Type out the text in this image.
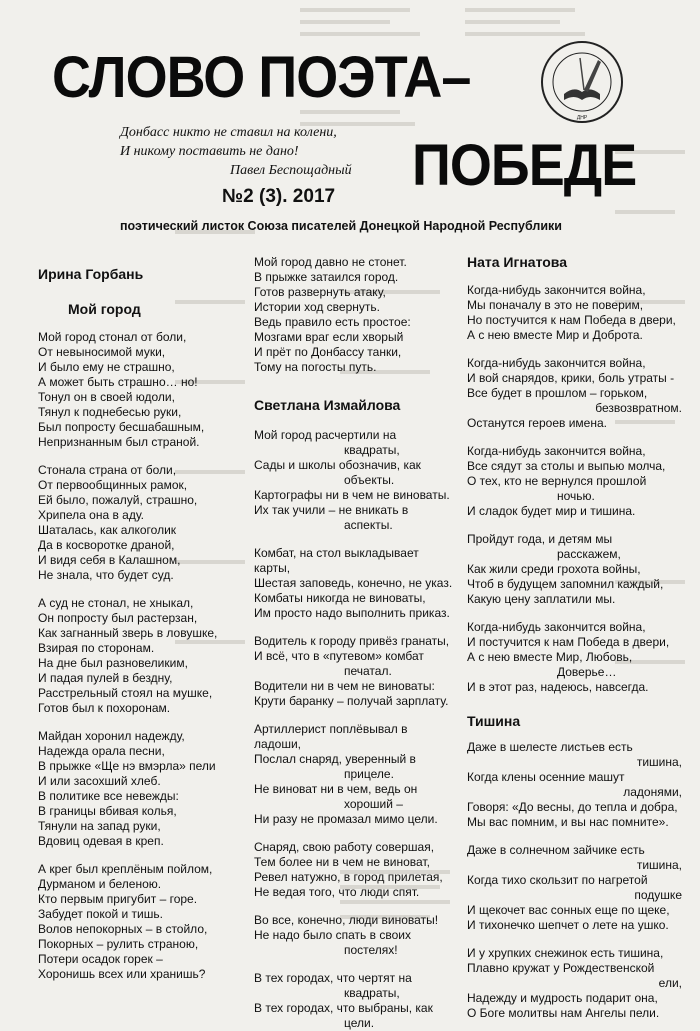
СЛОВО ПОЭТА–
ДНР
Донбасс никто не ставил на колени,
И никому поставить не дано!
Павел Беспощадный ПОБЕДЕ
№2 (3). 2017
поэтический листок Союза писателей Донецкой Народной Республики

Ирина Горбань

Мой город

Мой город стонал от боли,

От невыносимой муки,

И было ему не страшно,

А может быть страшно… но!

Тонул он в своей юдоли,

Тянул к поднебесью руки,

Был попросту бесшабашным,

Непризнанным был страной.

Стонала страна от боли,

От первообщинных рамок,

Ей было, пожалуй, страшно,

Хрипела она в аду.

Шаталась, как алкоголик

Да в косворотке драной,

И видя себя в Калашном,

Не знала, что будет суд.

А суд не стонал, не хныкал,

Он попросту был растерзан,

Как загнанный зверь в ловушке,

Взирая по сторонам.

На дне был разновеликим,

И падая пулей в бездну,

Расстрельный стоял на мушке,

Готов был к похоронам.

Майдан хоронил надежду,

Надежда орала песни,

В прыжке «Ще нэ вмэрла» пели

И или засохший хлеб.

В политике все невежды:

В границы вбивая колья,

Тянули на запад руки,

Вдовиц одевая в креп.

А крег был креплёным пойлом,

Дурманом и беленою.

Кто первым пригубит – горе.

Забудет покой и тишь.

Волов непокорных – в стойло,

Покорных – рулить страною,

Потери осадок горек –

Хоронишь всех или хранишь?

Мой город давно не стонет.

В прыжке затаился город.

Готов развернуть атаку,

Истории ход свернуть.

Ведь правило есть простое:

Мозгами враг если хворый

И прёт по Донбассу танки,

Тому на погосты путь.

Светлана Измайлова

Мой город расчертили на

квадраты,

Сады и школы обозначив, как

объекты.

Картографы ни в чем не виноваты.

Их так учили – не вникать в

аспекты.

Комбат, на стол выкладывает карты,

Шестая заповедь, конечно, не указ.

Комбаты никогда не виноваты,

Им просто надо выполнить приказ.

Водитель к городу привёз гранаты,

И всё, что в «путевом» комбат

печатал.

Водители ни в чем не виноваты:

Крути баранку – получай зарплату.

Артиллерист поплёвывал в ладоши,

Послал снаряд, уверенный в

прицеле.

Не виноват ни в чем, ведь он

хороший –

Ни разу не промазал мимо цели.

Снаряд, свою работу совершая,

Тем более ни в чем не виноват,

Ревел натужно, в город прилетая,

Не ведая того, что люди спят.

Во все, конечно, люди виноваты!

Не надо было спать в своих

постелях!

В тех городах, что чертят на

квадраты,

В тех городах, что выбраны, как

цели.

Ната Игнатова

Когда-нибудь закончится война,

Мы поначалу в это не поверим,

Но постучится к нам Победа в двери,

А с нею вместе Мир и Доброта.

Когда-нибудь закончится война,

И вой снарядов, крики, боль утраты -

Все будет в прошлом – горьком,

безвозвратном.

Останутся героев имена.

Когда-нибудь закончится война,

Все сядут за столы и выпью молча,

О тех, кто не вернулся прошлой

ночью.

И сладок будет мир и тишина.

Пройдут года, и детям мы

расскажем,

Как жили среди грохота войны,

Чтоб в будущем запомнил каждый,

Какую цену заплатили мы.

Когда-нибудь закончится война,

И постучится к нам Победа в двери,

А с нею вместе Мир, Любовь,

Доверье…

И в этот раз, надеюсь, навсегда.

Тишина

Даже в шелесте листьев есть

тишина,

Когда клены осенние машут

ладонями,

Говоря: «До весны, до тепла и добра,

Мы вас помним, и вы нас помните».

Даже в солнечном зайчике есть

тишина,

Когда тихо скользит по нагретой

подушке

И щекочет вас сонных еще по щеке,

И тихонечко шепчет о лете на ушко.

И у хрупких снежинок есть тишина,

Плавно кружат у Рождественской

ели,

Надежду и мудрость подарит она,

О Боге молитвы нам Ангелы пели.
